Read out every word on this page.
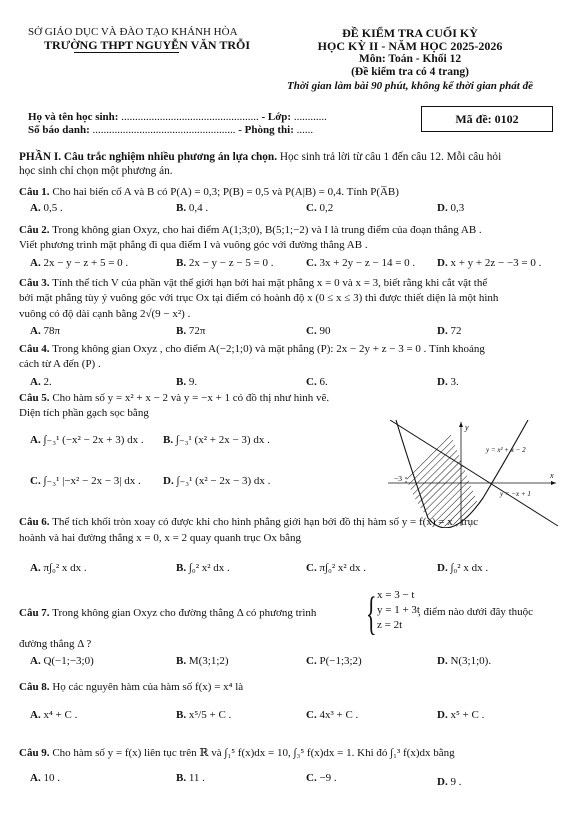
SỞ GIÁO DỤC VÀ ĐÀO TẠO KHÁNH HÒA
TRƯỜNG THPT NGUYỄN VĂN TRỖI
ĐỀ KIỂM TRA CUỐI KỲ
HỌC KỲ II - NĂM HỌC 2025-2026
Môn: Toán - Khối 12
(Đề kiểm tra có 4 trang)
Thời gian làm bài 90 phút, không kể thời gian phát đề
Họ và tên học sinh: .................................................. - Lớp: ............
Số báo danh: .................................................... - Phòng thi: ......
Mã đề: 0102
PHẦN I. Câu trắc nghiệm nhiều phương án lựa chọn. Học sinh trả lời từ câu 1 đến câu 12. Mỗi câu hỏi
học sinh chỉ chọn một phương án.
Câu 1. Cho hai biến cố A và B có P(A) = 0,3; P(B) = 0,5 và P(A|B) = 0,4. Tính P(A̅B)
A. 0,5 .	B. 0,4 .	C. 0,2	D. 0,3
Câu 2. Trong không gian Oxyz, cho hai điểm A(1;3;0), B(5;1;−2) và I là trung điểm của đoạn thẳng AB .
Viết phương trình mặt phẳng đi qua điểm I và vuông góc với đường thẳng AB .
A. 2x − y − z + 5 = 0 .	B. 2x − y − z − 5 = 0 .	C. 3x + 2y − z − 14 = 0 . D. x + y + 2z − −3 = 0 .
Câu 3. Tính thể tích V của phần vật thể giới hạn bởi hai mặt phẳng x = 0 và x = 3, biết rằng khi cắt vật thể
bởi mặt phẳng tùy ý vuông góc với trục Ox tại điểm có hoành độ x (0 ≤ x ≤ 3) thì được thiết diện là một hình
vuông có độ dài cạnh bằng 2√(9 − x²) .
A. 78π	B. 72π	C. 90	D. 72
Câu 4. Trong không gian Oxyz , cho điểm A(−2;1;0) và mặt phẳng (P): 2x − 2y + z − 3 = 0 . Tính khoảng
cách từ A đến (P) .
A. 2.	B. 9.	C. 6.	D. 3.
Câu 5. Cho hàm số y = x² + x − 2 và y = −x + 1 có đồ thị như hình vẽ.
Diện tích phần gạch sọc bằng
A. ∫₋₃¹ (−x² − 2x + 3) dx . B. ∫₋₃¹ (x² + 2x − 3) dx .
C. ∫₋₃¹ |−x² − 2x − 3| dx . D. ∫₋₃¹ (x² − 2x − 3) dx .
y
x
−3
y = x² + x − 2
y = −x + 1
Câu 6. Thể tích khối tròn xoay có được khi cho hình phẳng giới hạn bởi đồ thị hàm số y = f(x) = x , trục
hoành và hai đường thẳng x = 0, x = 2 quay quanh trục Ox bằng
A. π∫₀² x dx .	B. ∫₀² x² dx .	C. π∫₀² x² dx .	D. ∫₀² x dx .
Câu 7. Trong không gian Oxyz cho đường thẳng Δ có phương trình	{ x = 3 − t
y = 1 + 3t
z = 2t
, điểm nào dưới đây thuộc
đường thẳng Δ ?
A. Q(−1;−3;0)	B. M(3;1;2)	C. P(−1;3;2)	D. N(3;1;0).
Câu 8. Họ các nguyên hàm của hàm số f(x) = x⁴ là
A. x⁴ + C .	B. x⁵/5 + C .	C. 4x³ + C .	D. x⁵ + C .
Câu 9. Cho hàm số y = f(x) liên tục trên ℝ và ∫₁⁵ f(x)dx = 10, ∫₃⁵ f(x)dx = 1. Khi đó ∫₁³ f(x)dx bằng
A. 10 .	B. 11 .	C. −9 .	D. 9 .
